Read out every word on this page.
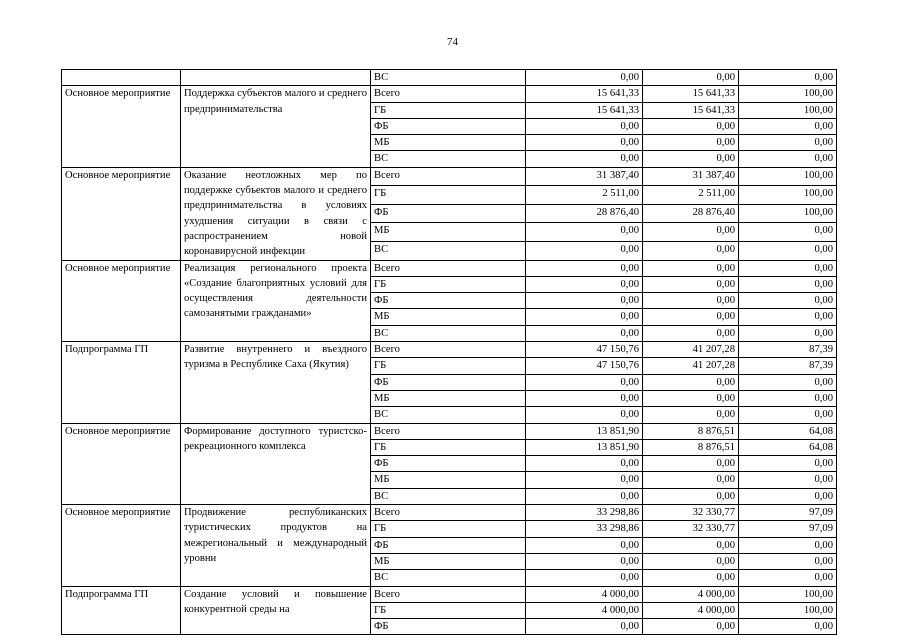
74
		ВС	0,00	0,00	0,00
Основное мероприятие	Поддержка субъектов малого и среднего предпринимательства	Всего	15 641,33	15 641,33	100,00
		ГБ	15 641,33	15 641,33	100,00
		ФБ	0,00	0,00	0,00
		МБ	0,00	0,00	0,00
		ВС	0,00	0,00	0,00
Основное мероприятие	Оказание неотложных мер по поддержке субъектов малого и среднего предпринимательства в условиях ухудшения ситуации в связи с распространением новой коронавирусной инфекции	Всего	31 387,40	31 387,40	100,00
		ГБ	2 511,00	2 511,00	100,00
		ФБ	28 876,40	28 876,40	100,00
		МБ	0,00	0,00	0,00
		ВС	0,00	0,00	0,00
Основное мероприятие	Реализация регионального проекта «Создание благоприятных условий для осуществления деятельности самозанятыми гражданами»	Всего	0,00	0,00	0,00
		ГБ	0,00	0,00	0,00
		ФБ	0,00	0,00	0,00
		МБ	0,00	0,00	0,00
		ВС	0,00	0,00	0,00
Подпрограмма ГП	Развитие внутреннего и въездного туризма в Республике Саха (Якутия)	Всего	47 150,76	41 207,28	87,39
		ГБ	47 150,76	41 207,28	87,39
		ФБ	0,00	0,00	0,00
		МБ	0,00	0,00	0,00
		ВС	0,00	0,00	0,00
Основное мероприятие	Формирование доступного туристско-рекреационного комплекса	Всего	13 851,90	8 876,51	64,08
		ГБ	13 851,90	8 876,51	64,08
		ФБ	0,00	0,00	0,00
		МБ	0,00	0,00	0,00
		ВС	0,00	0,00	0,00
Основное мероприятие	Продвижение республиканских туристических продуктов на межрегиональный и международный уровни	Всего	33 298,86	32 330,77	97,09
		ГБ	33 298,86	32 330,77	97,09
		ФБ	0,00	0,00	0,00
		МБ	0,00	0,00	0,00
		ВС	0,00	0,00	0,00
Подпрограмма ГП	Создание условий и повышение конкурентной среды на	Всего	4 000,00	4 000,00	100,00
		ГБ	4 000,00	4 000,00	100,00
		ФБ	0,00	0,00	0,00
